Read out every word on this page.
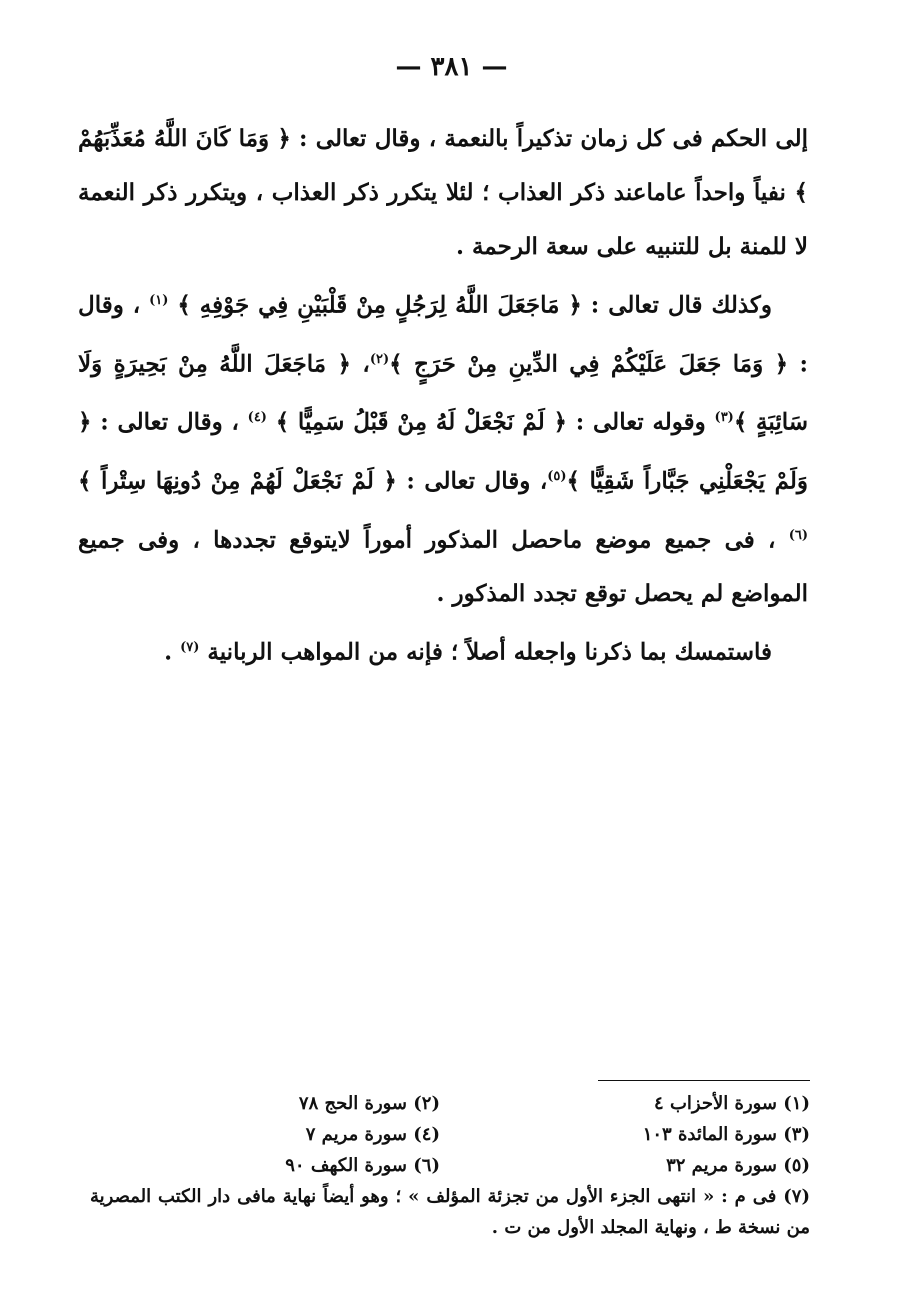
— ٣٨١ —

إلى الحكم فى كل زمان تذكيراً بالنعمة ، وقال تعالى : ﴿ وَمَا كَانَ اللَّهُ مُعَذِّبَهُمْ ﴾ نفياً واحداً عاماعند ذكر العذاب ؛ لئلا يتكرر ذكر العذاب ، ويتكرر ذكر النعمة لا للمنة بل للتنبيه على سعة الرحمة .

وكذلك قال تعالى : ﴿ مَاجَعَلَ اللَّهُ لِرَجُلٍ مِنْ قَلْبَيْنِ فِي جَوْفِهِ ﴾ $^{(١)}$ ، وقال : ﴿ وَمَا جَعَلَ عَلَيْكُمْ فِي الدِّينِ مِنْ حَرَجٍ ﴾$^{(٢)}$، ﴿ مَاجَعَلَ اللَّهُ مِنْ بَحِيرَةٍ وَلَا سَائِبَةٍ ﴾$^{(٣)}$ وقوله تعالى : ﴿ لَمْ نَجْعَلْ لَهُ مِنْ قَبْلُ سَمِيًّا ﴾ $^{(٤)}$ ، وقال تعالى : ﴿ وَلَمْ يَجْعَلْنِي جَبَّاراً شَقِيًّا ﴾$^{(٥)}$، وقال تعالى : ﴿ لَمْ نَجْعَلْ لَهُمْ مِنْ دُونِهَا سِتْراً ﴾ $^{(٦)}$ ، فى جميع موضع ماحصل المذكور أموراً لايتوقع تجددها ، وفى جميع المواضع لم يحصل توقع تجدد المذكور .

فاستمسك بما ذكرنا واجعله أصلاً ؛ فإنه من المواهب الربانية $^{(٧)}$ .

(١) سورة الأحزاب ٤
(٢) سورة الحج ٧٨
(٣) سورة المائدة ١٠٣
(٤) سورة مريم ٧
(٥) سورة مريم ٣٢
(٦) سورة الكهف ٩٠
(٧) فى م : « انتهى الجزء الأول من تجزئة المؤلف » ؛ وهو أيضاً نهاية مافى دار الكتب المصرية من نسخة ط ، ونهاية المجلد الأول من ت .
